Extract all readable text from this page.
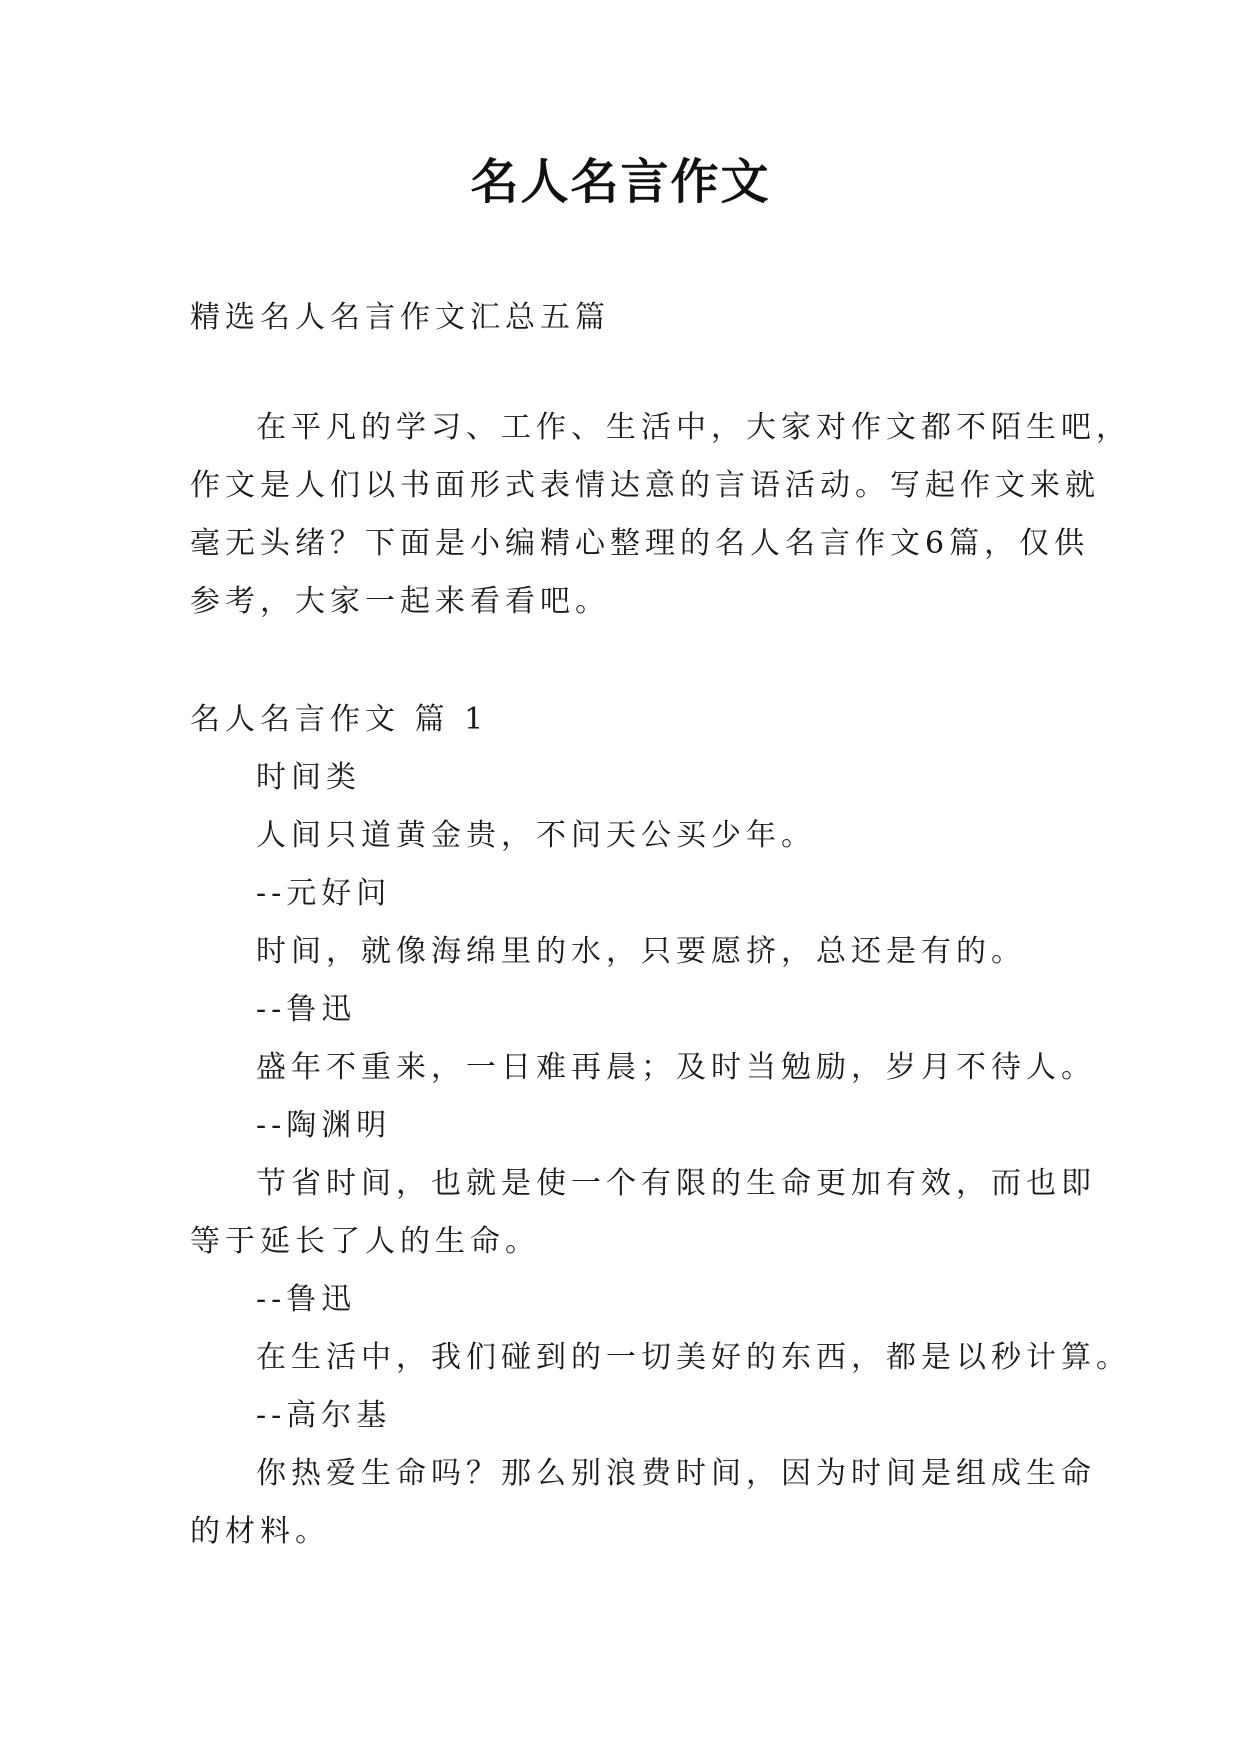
名人名言作文
精选名人名言作文汇总五篇
在平凡的学习、工作、生活中，大家对作文都不陌生吧，
作文是人们以书面形式表情达意的言语活动。写起作文来就
毫无头绪？下面是小编精心整理的名人名言作文6篇，仅供
参考，大家一起来看看吧。
名人名言作文 篇 1
时间类
人间只道黄金贵，不问天公买少年。
--元好问
时间，就像海绵里的水，只要愿挤，总还是有的。
--鲁迅
盛年不重来，一日难再晨；及时当勉励，岁月不待人。
--陶渊明
节省时间，也就是使一个有限的生命更加有效，而也即
等于延长了人的生命。
--鲁迅
在生活中，我们碰到的一切美好的东西，都是以秒计算。
--高尔基
你热爱生命吗？那么别浪费时间，因为时间是组成生命
的材料。
